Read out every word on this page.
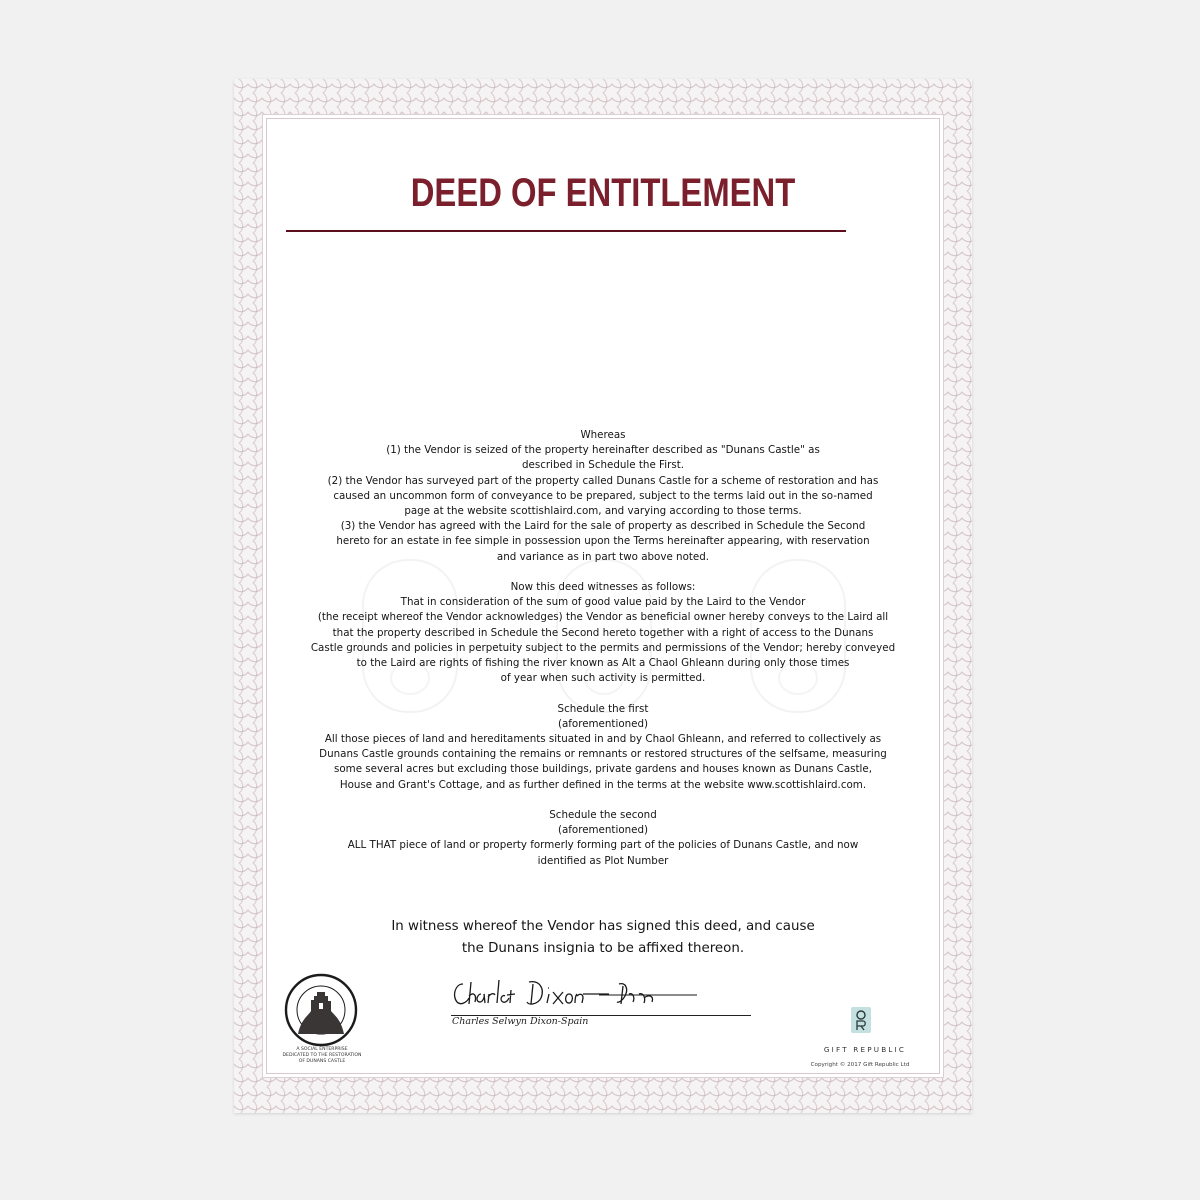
DEED OF ENTITLEMENT

Whereas

(1) the Vendor is seized of the property hereinafter described as "Dunans Castle" as

described in Schedule the First.

(2) the Vendor has surveyed part of the property called Dunans Castle for a scheme of restoration and has

caused an uncommon form of conveyance to be prepared, subject to the terms laid out in the so-named

page at the website scottishlaird.com, and varying according to those terms.

(3) the Vendor has agreed with the Laird for the sale of property as described in Schedule the Second

hereto for an estate in fee simple in possession upon the Terms hereinafter appearing, with reservation

and variance as in part two above noted.

Now this deed witnesses as follows:

That in consideration of the sum of good value paid by the Laird to the Vendor

(the receipt whereof the Vendor acknowledges) the Vendor as beneficial owner hereby conveys to the Laird all

that the property described in Schedule the Second hereto together with a right of access to the Dunans

Castle grounds and policies in perpetuity subject to the permits and permissions of the Vendor; hereby conveyed

to the Laird are rights of fishing the river known as Alt a Chaol Ghleann during only those times

of year when such activity is permitted.

Schedule the first

(aforementioned)

All those pieces of land and hereditaments situated in and by Chaol Ghleann, and referred to collectively as

Dunans Castle grounds containing the remains or remnants or restored structures of the selfsame, measuring

some several acres but excluding those buildings, private gardens and houses known as Dunans Castle,

House and Grant's Cottage, and as further defined in the terms at the website www.scottishlaird.com.

Schedule the second

(aforementioned)

ALL THAT piece of land or property formerly forming part of the policies of Dunans Castle, and now

identified as Plot Number

In witness whereof the Vendor has signed this deed, and cause
the Dunans insignia to be affixed thereon.
A SOCIAL ENTERPRISE
DEDICATED TO THE RESTORATION
OF DUNANS CASTLE
Charles Selwyn Dixon-Spain
GIFT REPUBLIC
Copyright © 2017 Gift Republic Ltd
